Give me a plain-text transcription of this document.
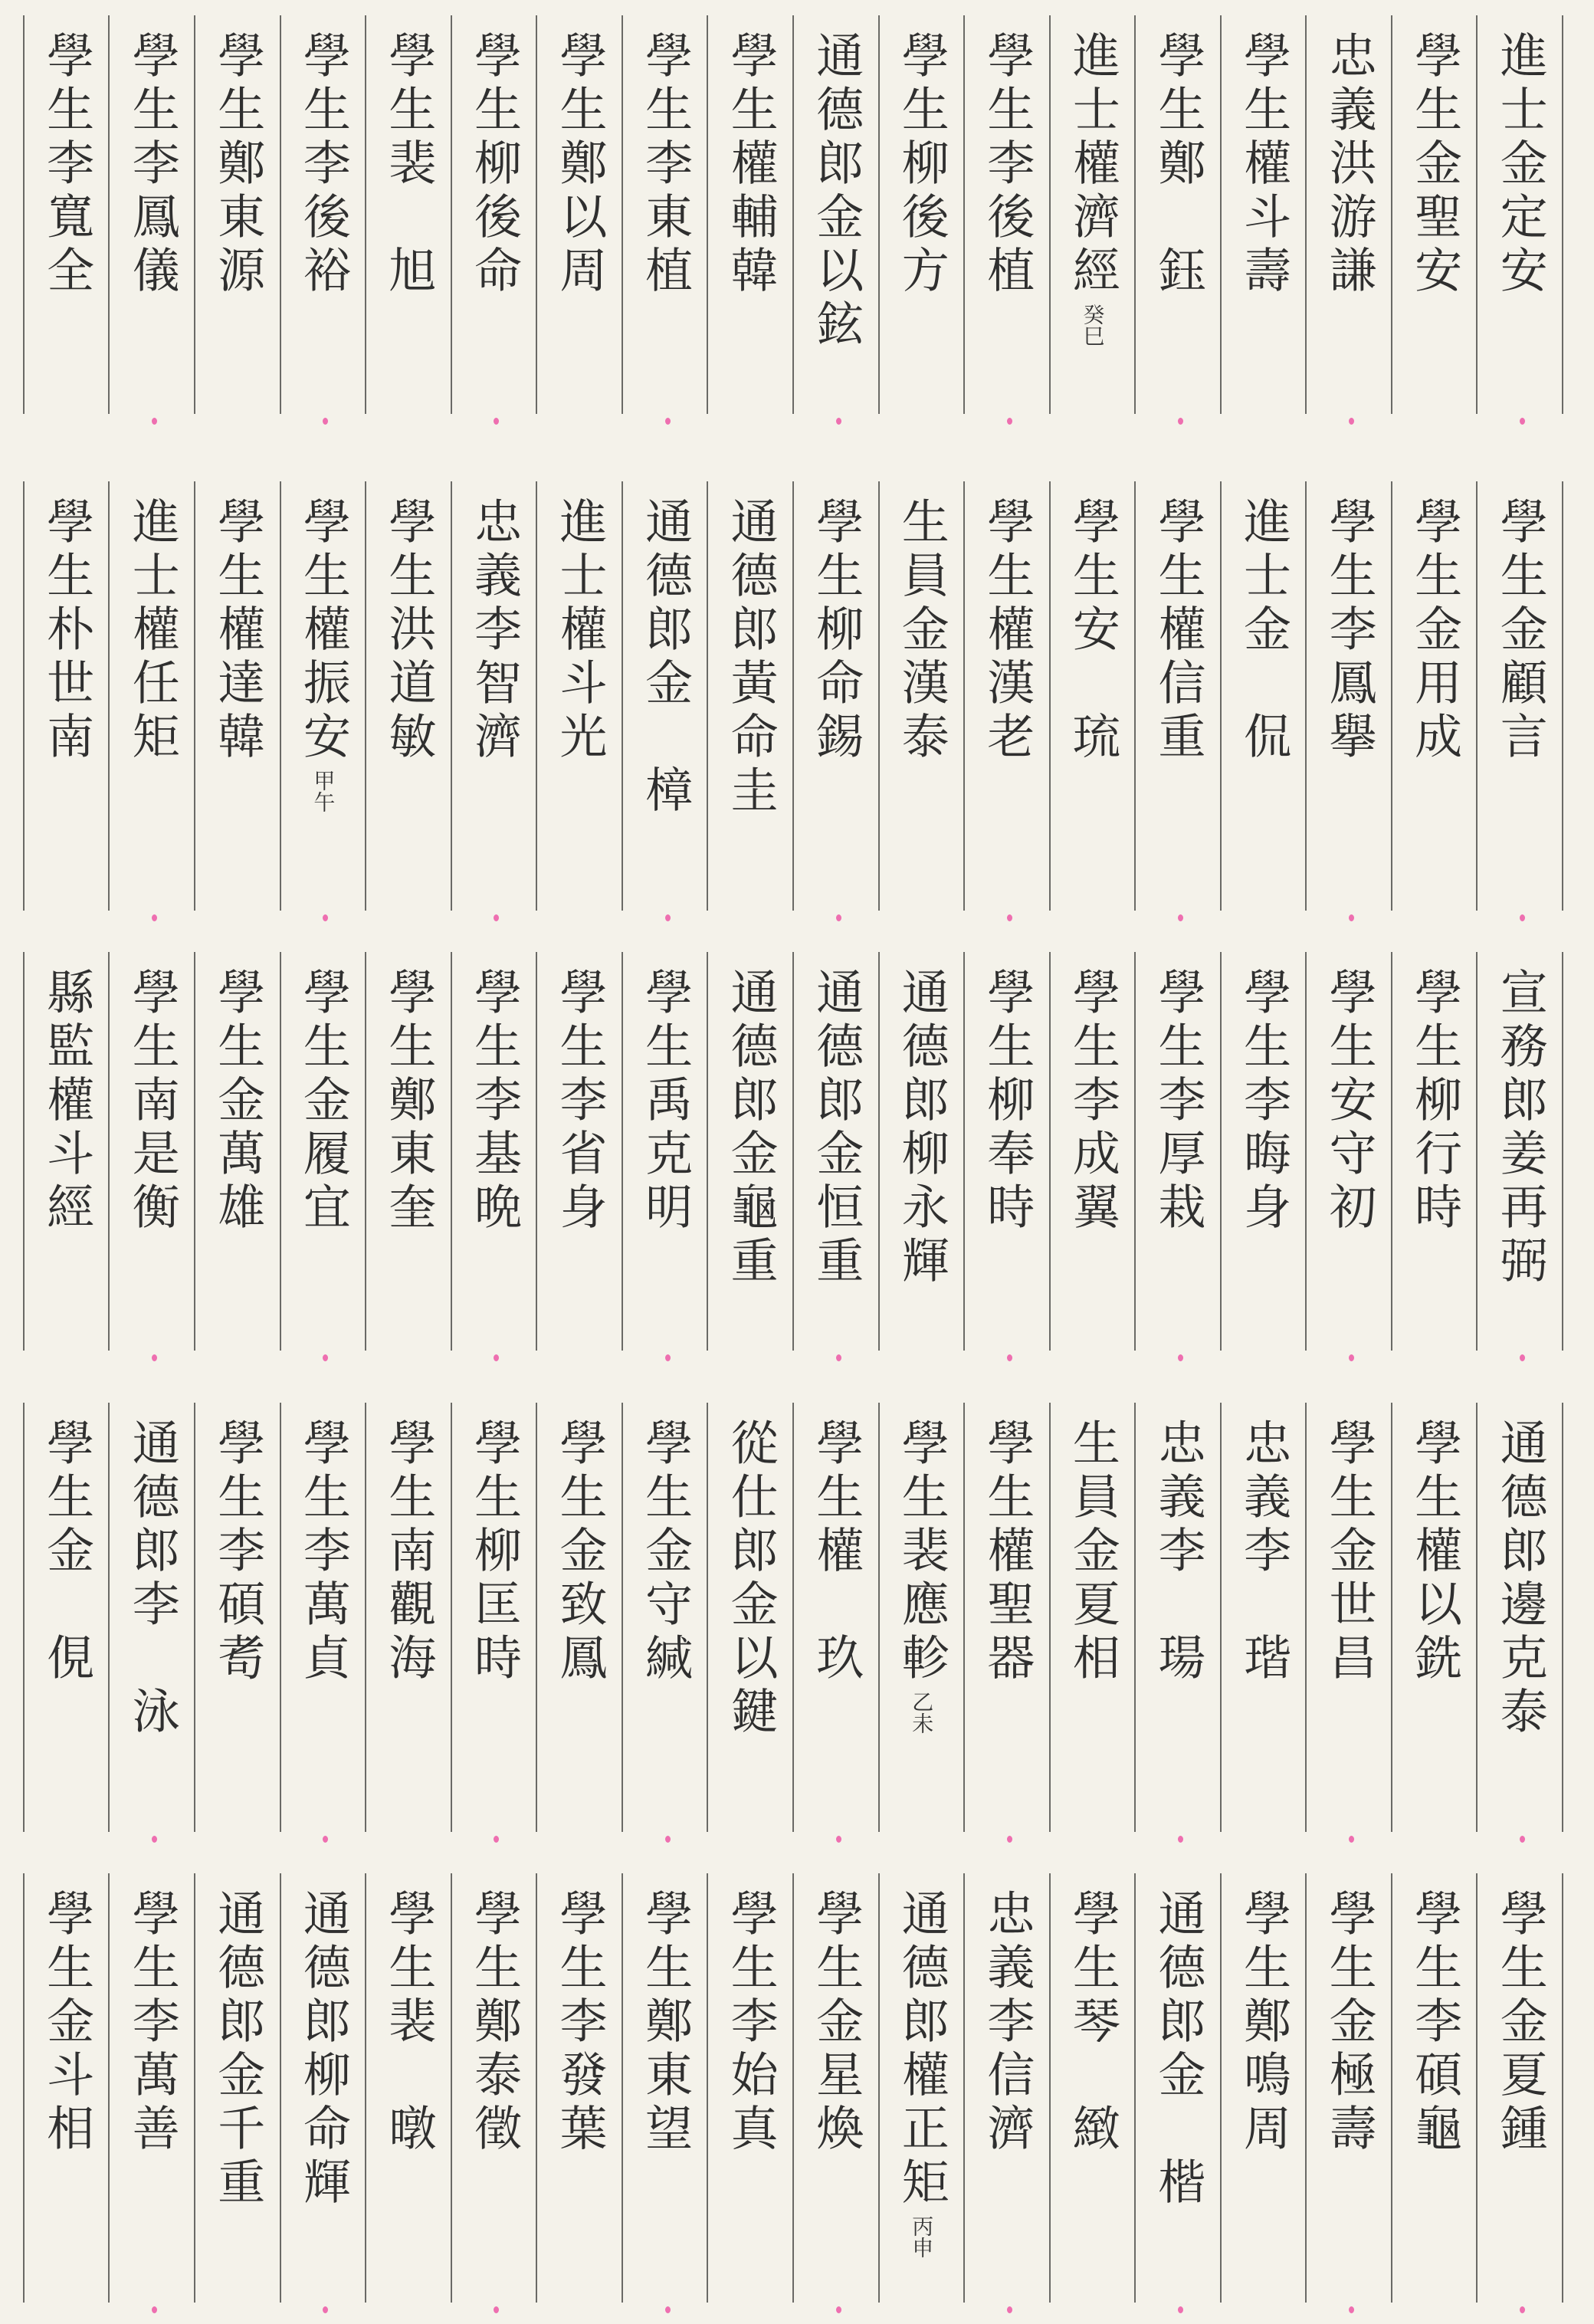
進士金定安
學生金聖安
忠義洪游謙
學生權斗壽
學生鄭　鈺
進士權濟經
癸巳
學生李後植
學生柳後方
通德郎金以鉉
學生權輔韓
學生李東植
學生鄭以周
學生柳後命
學生裴　旭
學生李後裕
學生鄭東源
學生李鳳儀
學生李寬全
學生金顧言
學生金用成
學生李鳳擧
進士金　侃
學生權信重
學生安　琉
學生權漢老
生員金漢泰
學生柳命錫
通德郎黃命圭
通德郎金　樟
進士權斗光
忠義李智濟
學生洪道敏
學生權振安
甲午
學生權達韓
進士權任矩
學生朴世南
宣務郎姜再弼
學生柳行時
學生安守初
學生李晦身
學生李厚栽
學生李成翼
學生柳奉時
通德郎柳永輝
通德郎金恒重
通德郎金龜重
學生禹克明
學生李省身
學生李基晩
學生鄭東奎
學生金履宜
學生金萬雄
學生南是衡
縣監權斗經
通德郎邊克泰
學生權以銑
學生金世昌
忠義李　瑎
忠義李　瑒
生員金夏相
學生權聖器
學生裴應軫
乙未
學生權　玖
從仕郎金以鍵
學生金守緘
學生金致鳳
學生柳匡時
學生南觀海
學生李萬貞
學生李碩耉
通德郎李　泳
學生金　俔
學生金夏鍾
學生李碩龜
學生金極壽
學生鄭鳴周
通德郎金　楷
學生琴　緻
忠義李信濟
通德郎權正矩
丙申
學生金星煥
學生李始真
學生鄭東望
學生李發葉
學生鄭泰徵
學生裴　暾
通德郎柳命輝
通德郎金千重
學生李萬善
學生金斗相
